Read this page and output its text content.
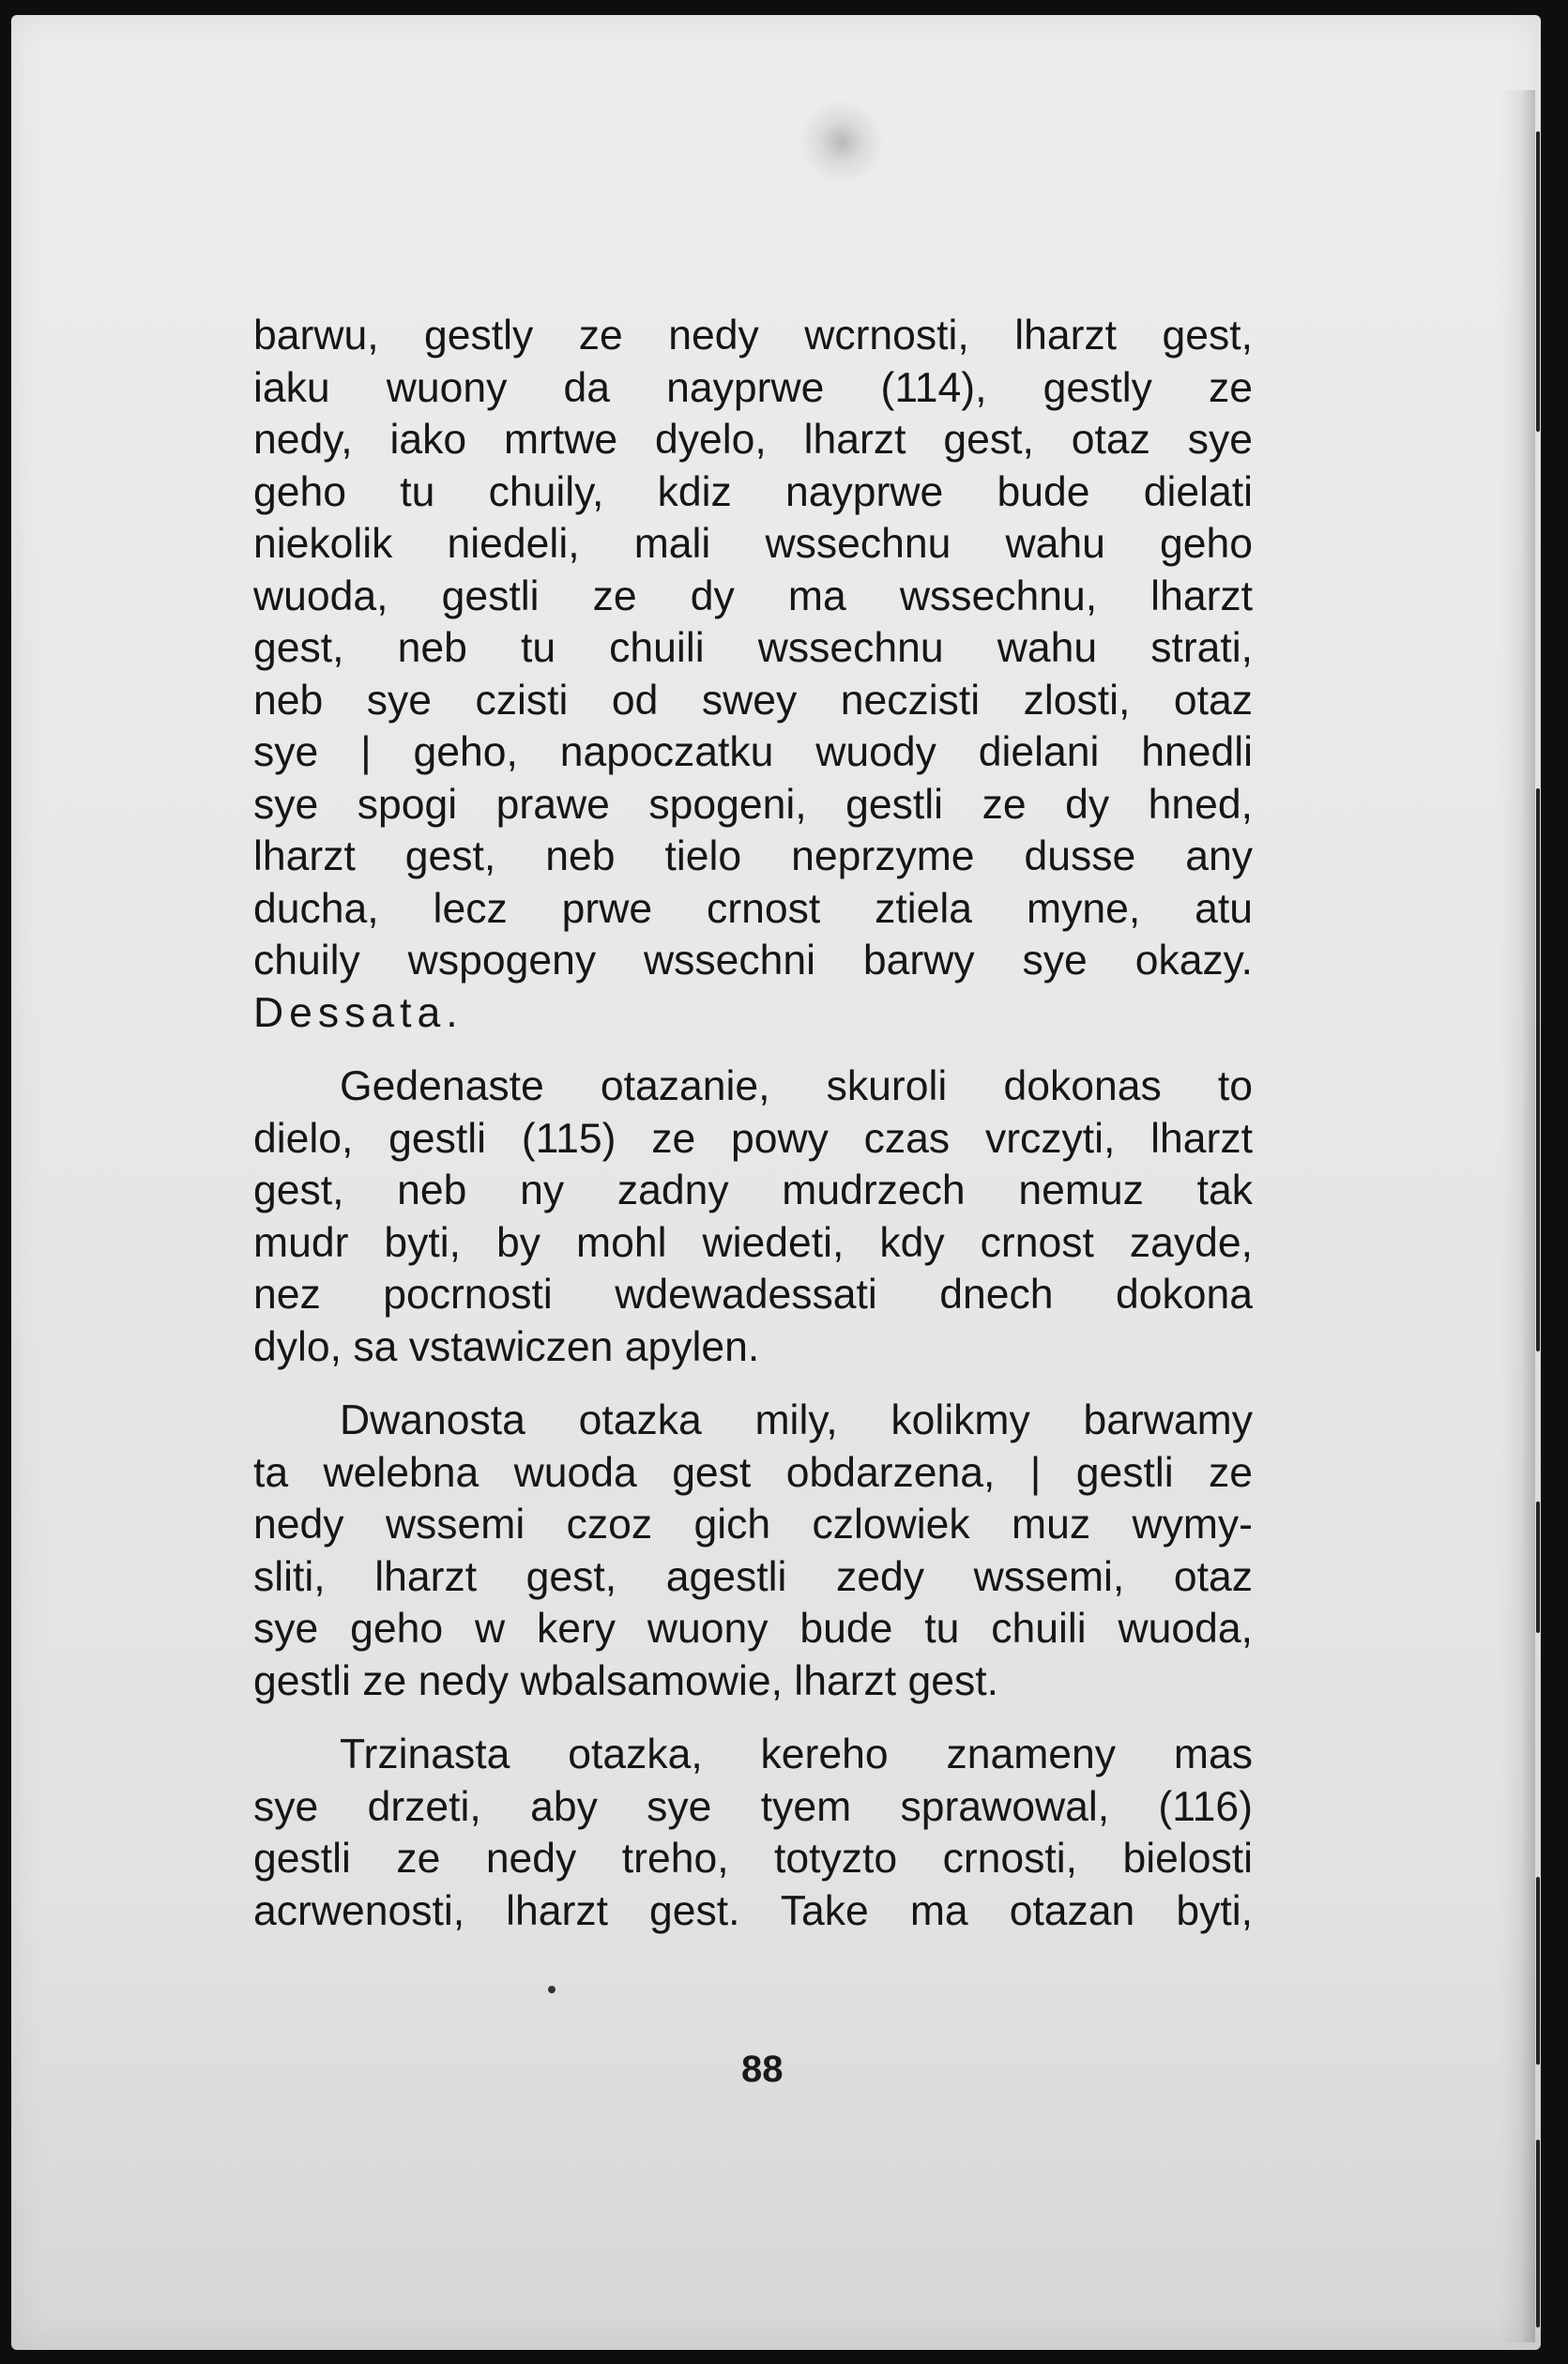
barwu, gestly ze nedy wcrnosti, lharzt gest,
iaku wuony da nayprwe (114), gestly ze
nedy, iako mrtwe dyelo, lharzt gest, otaz sye
geho tu chuily, kdiz nayprwe bude dielati
niekolik niedeli, mali wssechnu wahu geho
wuoda, gestli ze dy ma wssechnu, lharzt
gest, neb tu chuili wssechnu wahu strati,
neb sye czisti od swey neczisti zlosti, otaz
sye | geho, napoczatku wuody dielani hnedli
sye spogi prawe spogeni, gestli ze dy hned,
lharzt gest, neb tielo neprzyme dusse any
ducha, lecz prwe crnost ztiela myne, atu
chuily wspogeny wssechni barwy sye okazy.
Dessata.

Gedenaste otazanie, skuroli dokonas to
dielo, gestli (115) ze powy czas vrczyti, lharzt
gest, neb ny zadny mudrzech nemuz tak
mudr byti, by mohl wiedeti, kdy crnost zayde,
nez pocrnosti wdewadessati dnech dokona
dylo, sa vstawiczen apylen.

Dwanosta otazka mily, kolikmy barwamy
ta welebna wuoda gest obdarzena, | gestli ze
nedy wssemi czoz gich czlowiek muz wymy-
sliti, lharzt gest, agestli zedy wssemi, otaz
sye geho w kery wuony bude tu chuili wuoda,
gestli ze nedy wbalsamowie, lharzt gest.

Trzinasta otazka, kereho znameny mas
sye drzeti, aby sye tyem sprawowal, (116)
gestli ze nedy treho, totyzto crnosti, bielosti
acrwenosti, lharzt gest. Take ma otazan byti,

88
